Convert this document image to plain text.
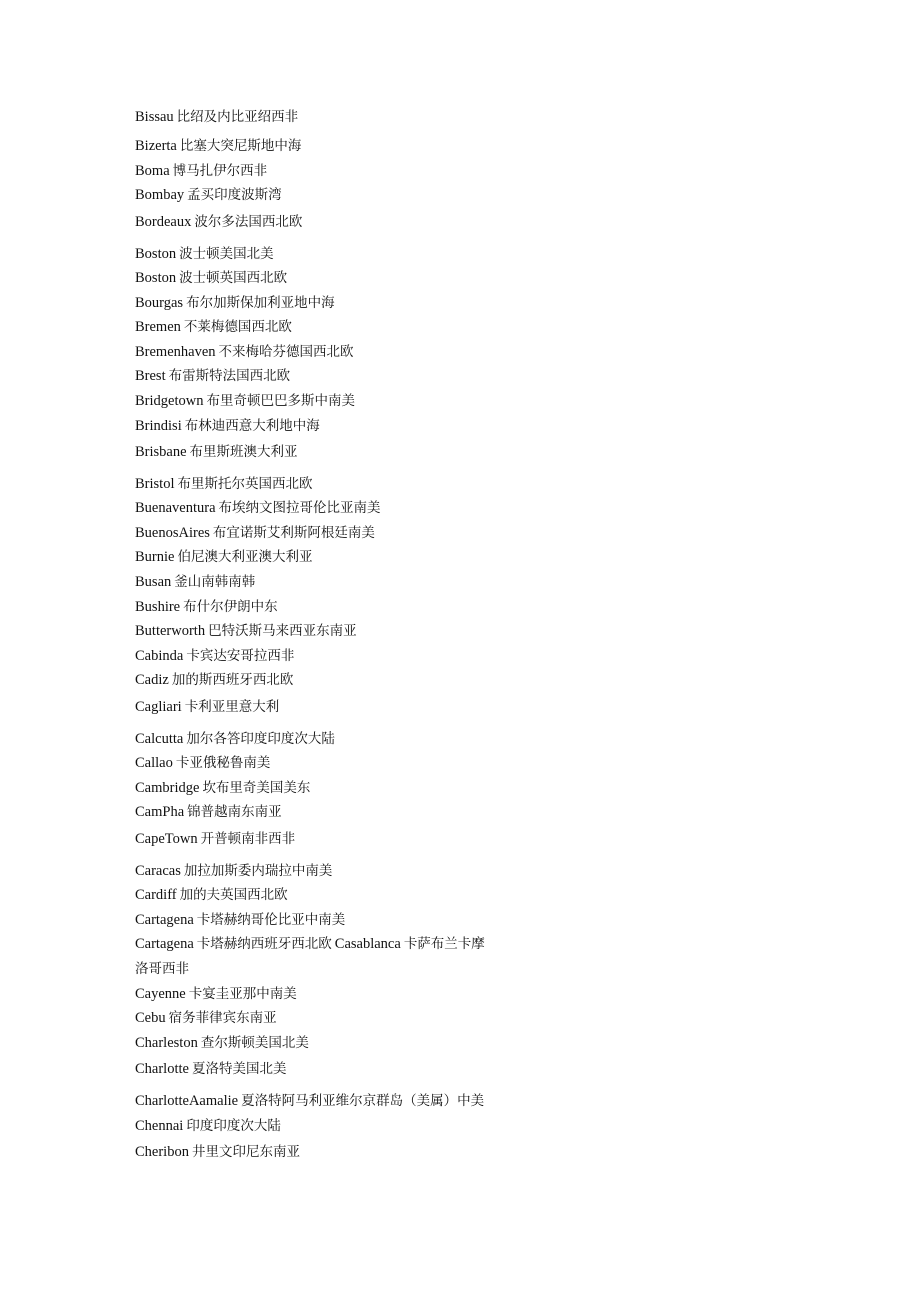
Bissau 比绍及内比亚绍西非
Bizerta 比塞大突尼斯地中海
Boma 博马扎伊尔西非
Bombay 孟买印度波斯湾
Bordeaux 波尔多法国西北欧
Boston 波士顿美国北美
Boston 波士顿英国西北欧
Bourgas 布尔加斯保加利亚地中海
Bremen 不莱梅德国西北欧
Bremenhaven 不来梅哈芬德国西北欧
Brest 布雷斯特法国西北欧
Bridgetown 布里奇顿巴巴多斯中南美
Brindisi 布林迪西意大利地中海
Brisbane 布里斯班澳大利亚
Bristol 布里斯托尔英国西北欧
Buenaventura 布埃纳文图拉哥伦比亚南美
BuenosAires 布宜诺斯艾利斯阿根廷南美
Burnie 伯尼澳大利亚澳大利亚
Busan 釜山南韩南韩
Bushire 布什尔伊朗中东
Butterworth 巴特沃斯马来西亚东南亚
Cabinda 卡宾达安哥拉西非
Cadiz 加的斯西班牙西北欧
Cagliari 卡利亚里意大利
Calcutta 加尔各答印度印度次大陆
Callao 卡亚俄秘鲁南美
Cambridge 坎布里奇美国美东
CamPha 锦普越南东南亚
CapeTown 开普顿南非西非
Caracas 加拉加斯委内瑞拉中南美
Cardiff 加的夫英国西北欧
Cartagena 卡塔赫纳哥伦比亚中南美
Cartagena 卡塔赫纳西班牙西北欧 Casablanca 卡萨布兰卡摩
洛哥西非
Cayenne 卡宴圭亚那中南美
Cebu 宿务菲律宾东南亚
Charleston 查尔斯顿美国北美
Charlotte 夏洛特美国北美
CharlotteAamalie 夏洛特阿马利亚维尔京群岛（美属）中美
Chennai 印度印度次大陆
Cheribon 井里文印尼东南亚
